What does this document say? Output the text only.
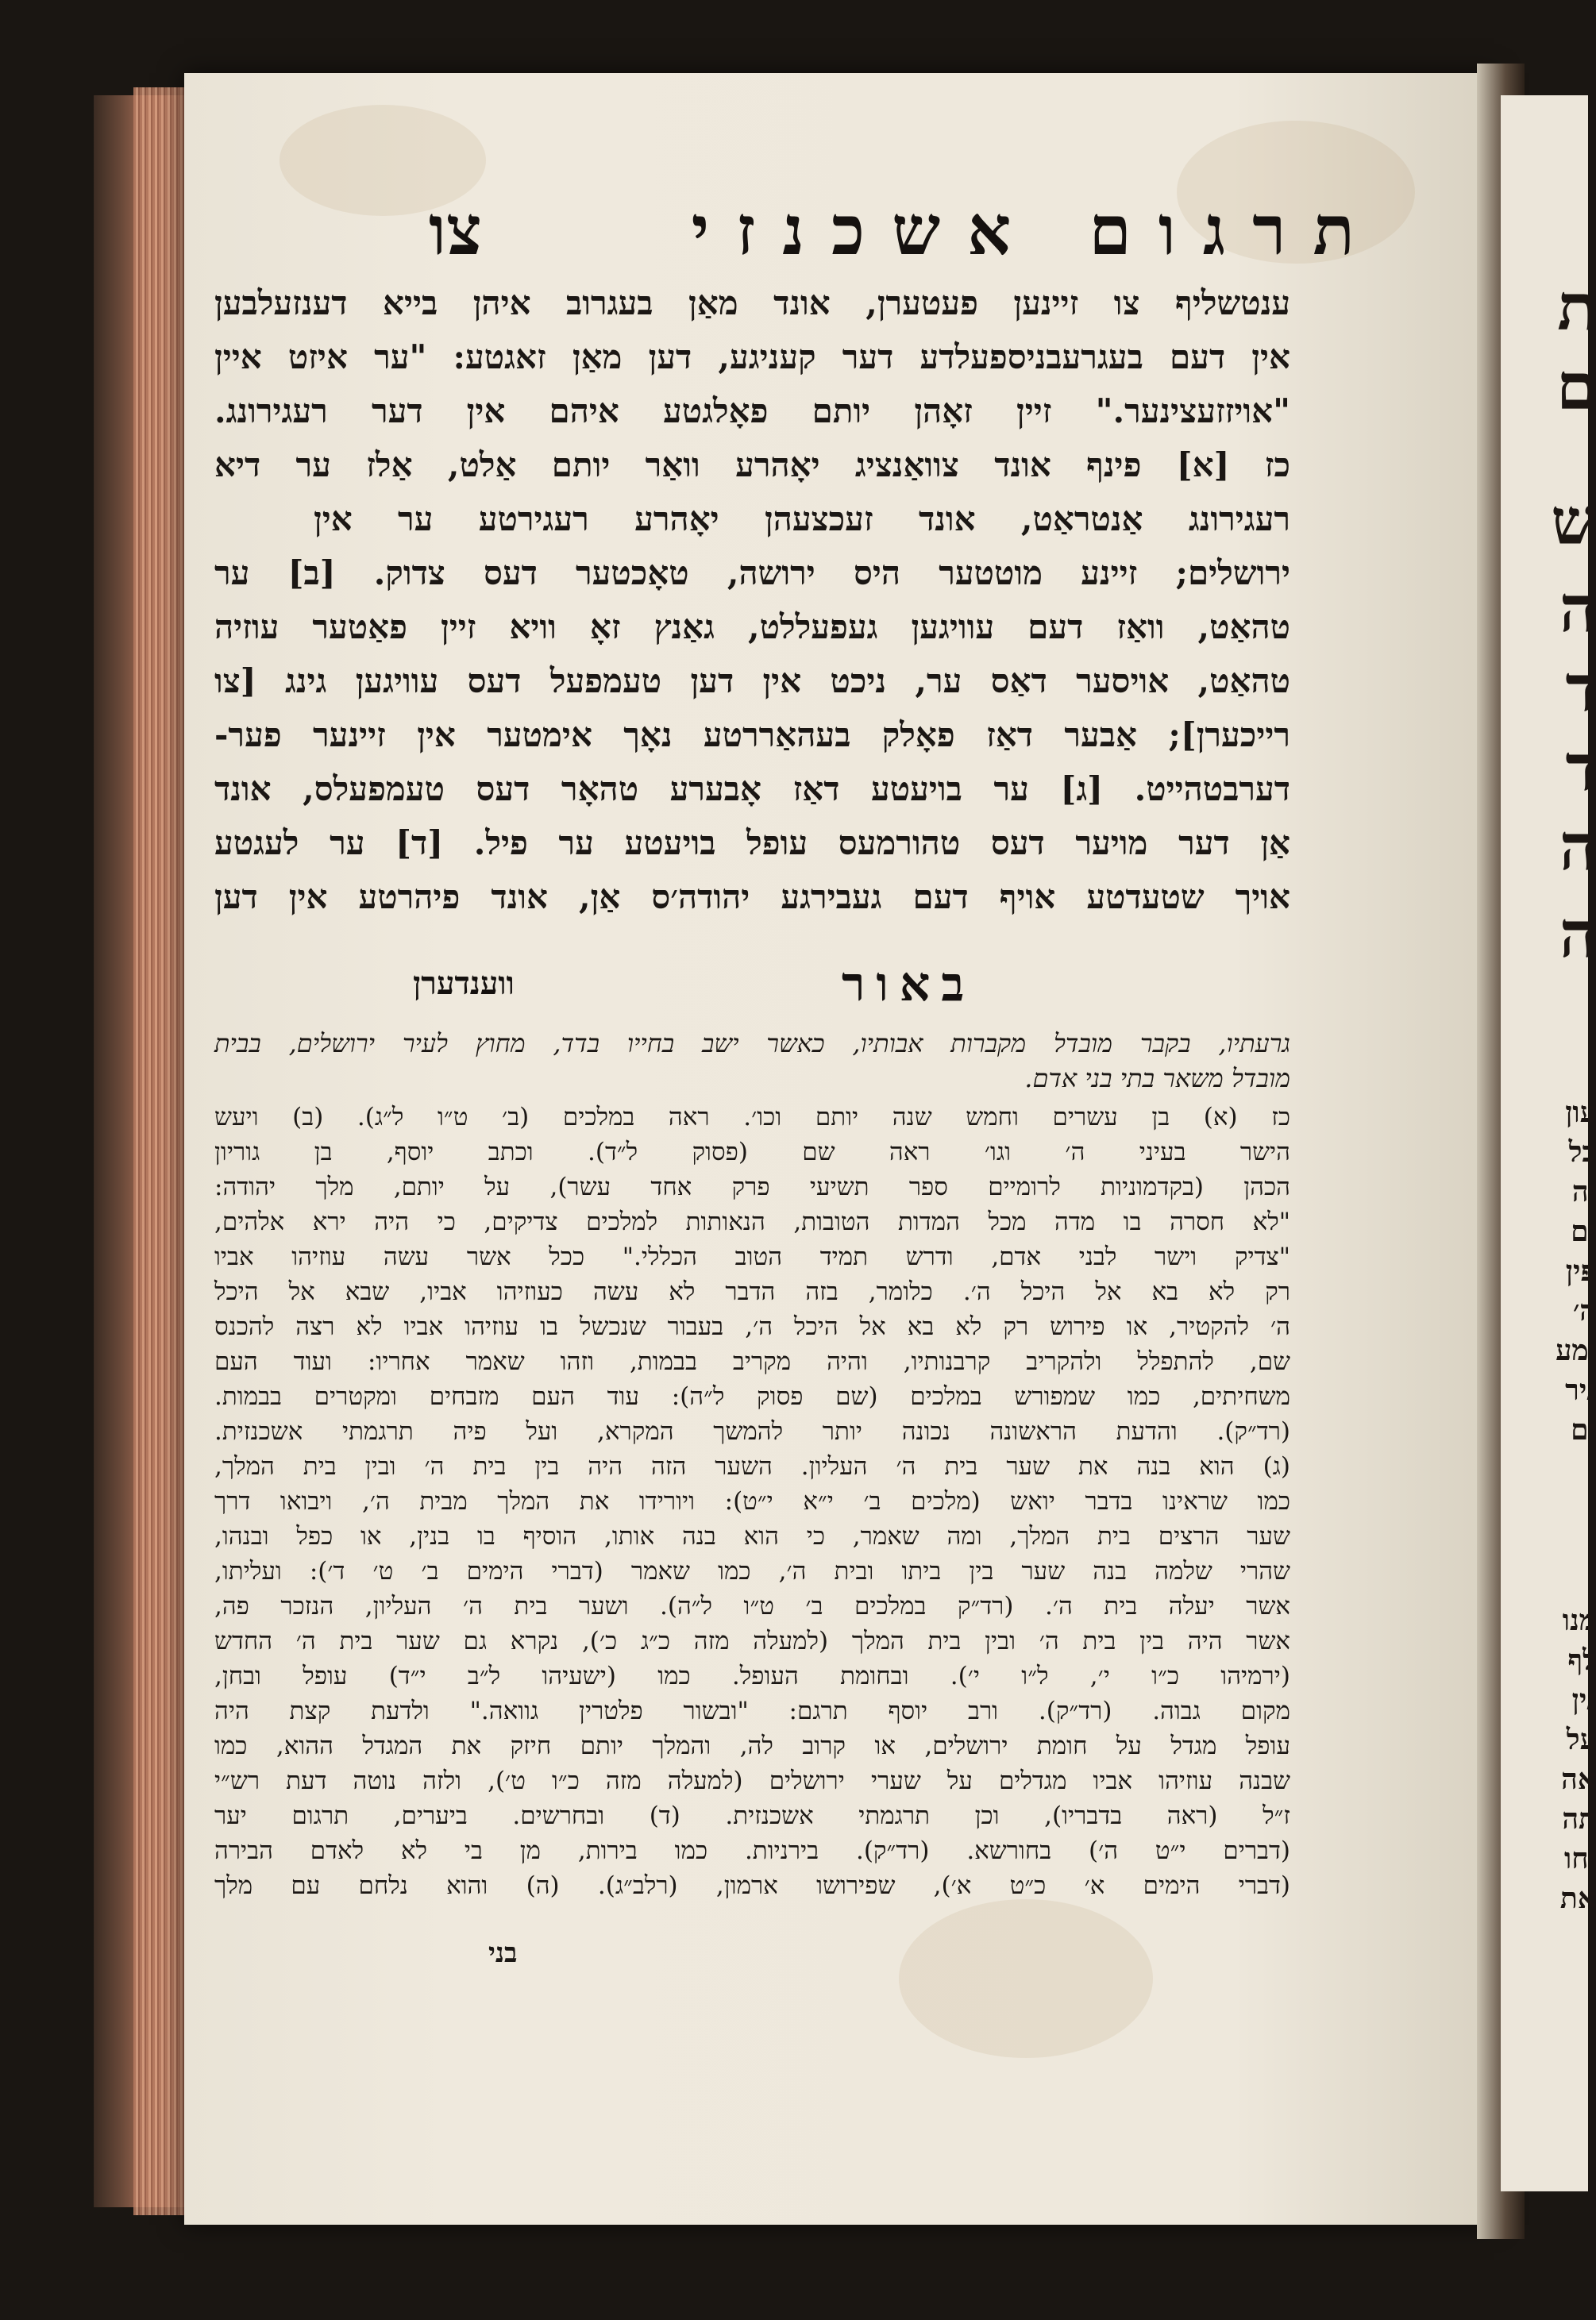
תרגום אשכנזי
צו
ענטשליף צו זיינען פעטערן, אונד מאַן בעגרוב איהן בייא דענזעלבען
אין דעם בעגרעבניספעלדע דער קעניגע, דען מאַן זאגטע: "ער איזט איין
"אויזזעצינער." זיין זאָהן יותם פאָלגטע איהם אין דער רעגירונג.
כז [א] פינף אונד צוואַנציג יאָהרע וואַר יותם אַלט, אַלז ער דיא
רעגירונג אַנטראַט, אונד זעכצעהן יאָהרע רעגירטע ער אין
ירושלים; זיינע מוטטער היס ירושה, טאָכטער דעס צדוק. [ב] ער
טהאַט, וואַז דעם עוויגען געפעללט, גאַנץ זאָ וויא זיין פאַטער עוזיה
טהאַט, אויסער דאַס ער, ניכט אין דען טעמפעל דעס עוויגען גינג [צו
רייכערן]; אַבער דאַז פאָלק בעהאַררטע נאָך אימטער אין זיינער פער-
דערבטהייט. [ג] ער בויעטע דאַז אָבערע טהאָר דעס טעמפעלס, אונד
אַן דער מויער דעס טהורמעס עופל בויעטע ער פיל. [ד] ער לעגטע
אויך שטעדטע אויף דעם געבירגע יהודה׳ס אַן, אונד פיהרטע אין דען
באור
ווענדערן
גרעתיו, בקבר מובדל מקברות אבותיו, כאשר ישב בחייו בדד, מחוץ לעיר ירושלים, בבית
מובדל משאר בתי בני אדם.
כז (א) בן עשרים וחמש שנה יותם וכו׳. ראה במלכים (ב׳ ט״ו ל״ג). (ב) ויעש
הישר בעיני ה׳ וגו׳ ראה שם (פסוק ל״ד). וכתב יוסף, בן גוריון
הכהן (בקדמוניות לרומיים ספר תשיעי פרק אחד עשר), על יותם, מלך יהודה:
"לא חסרה בו מדה מכל המדות הטובות, הנאותות למלכים צדיקים, כי היה ירא אלהים,
"צדיק וישר לבני אדם, ודרש תמיד הטוב הכללי." ככל אשר עשה עוזיהו אביו
רק לא בא אל היכל ה׳. כלומר, בזה הדבר לא עשה כעוזיהו אביו, שבא אל היכל
ה׳ להקטיר, או פירוש רק לא בא אל היכל ה׳, בעבור שנכשל בו עוזיהו אביו לא רצה להכנס
שם, להתפלל ולהקריב קרבנותיו, והיה מקריב בבמות, וזהו שאמר אחריו: ועוד העם
משחיתים, כמו שמפורש במלכים (שם פסוק ל״ה): עוד העם מזבחים ומקטרים בבמות.
(רד״ק). והדעת הראשונה נכונה יותר להמשך המקרא, ועל פיה תרגמתי אשכנזית.
(ג) הוא בנה את שער בית ה׳ העליון. השער הזה היה בין בית ה׳ ובין בית המלך,
כמו שראינו בדבר יואש (מלכים ב׳ י״א י״ט): ויורידו את המלך מבית ה׳, ויבואו דרך
שער הרצים בית המלך, ומה שאמר, כי הוא בנה אותו, הוסיף בו בנין, או כפל ובנהו,
שהרי שלמה בנה שער בין ביתו ובית ה׳, כמו שאמר (דברי הימים ב׳ ט׳ ד׳): ועליתו,
אשר יעלה בית ה׳. (רד״ק במלכים ב׳ ט״ו ל״ה). ושער בית ה׳ העליון, הנזכר פה,
אשר היה בין בית ה׳ ובין בית המלך (למעלה מזה כ״ג כ׳), נקרא גם שער בית ה׳ החדש
(ירמיהו כ״ו י׳, ל״ו י׳). ובחומת העופל. כמו (ישעיהו ל״ב י״ד) עופל ובחן,
מקום גבוה. (רד״ק). ורב יוסף תרגם: "ובשור פלטרין גוואה." ולדעת קצת היה
עופל מגדל על חומת ירושלים, או קרוב לה, והמלך יותם חיזק את המגדל ההוא, כמו
שבנה עוזיהו אביו מגדלים על שערי ירושלים (למעלה מזה כ״ו ט׳), ולזה נוטה דעת רש״י
ז״ל (ראה בדבריו), וכן תרגמתי אשכנזית. (ד) ובחרשים. ביערים, תרגום יער
(דברים י״ט ה׳) בחורשא. (רד״ק). בירניות. כמו בירות, מן בי לא לאדם הבירה
(דברי הימים א׳ כ״ט א׳), שפירושו ארמון, (רלב״ג). (ה) והוא נלחם עם מלך
בני
ת
ם
ש
ה
ד
ד
ה
ה
עון
כל
יה
ים
פין
ה׳
ומע
ניר
ים
מנו
לף
נין
על
אה
תה
יחו
את
